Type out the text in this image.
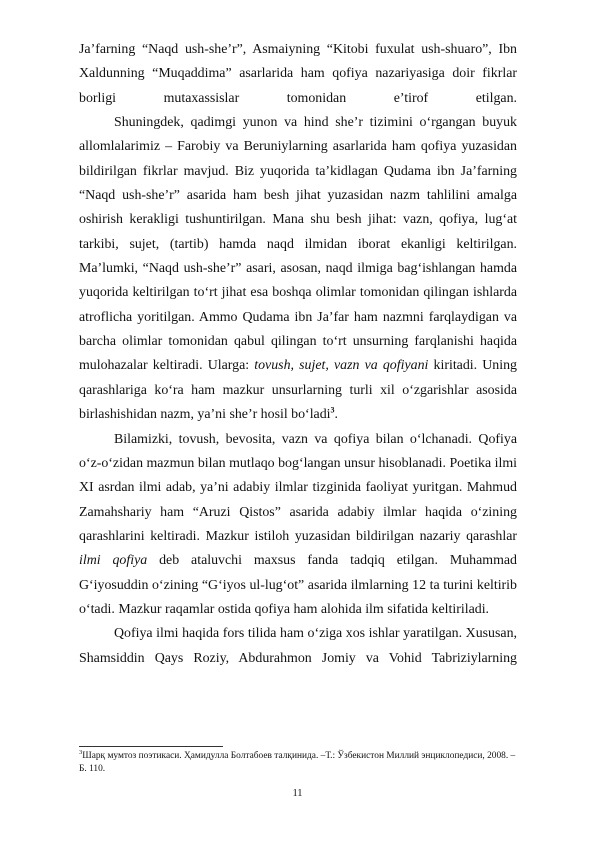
Ja’farning “Naqd ush-she’r”, Asmaiyning “Kitobi fuxulat ush-shuaro”, Ibn Xaldunning “Muqaddima” asarlarida ham qofiya nazariyasiga doir fikrlar borligi mutaxassislar tomonidan e’tirof etilgan.

Shuningdek, qadimgi yunon va hind she’r tizimini o‘rgangan buyuk allomlalarimiz – Farobiy va Beruniylarning asarlarida ham qofiya yuzasidan bildirilgan fikrlar mavjud. Biz yuqorida ta’kidlagan Qudama ibn Ja’farning “Naqd ush-she’r” asarida ham besh jihat yuzasidan nazm tahlilini amalga oshirish kerakligi tushuntirilgan. Mana shu besh jihat: vazn, qofiya, lug‘at tarkibi, sujet, (tartib) hamda naqd ilmidan iborat ekanligi keltirilgan. Ma’lumki, “Naqd ush-she’r” asari, asosan, naqd ilmiga bag‘ishlangan hamda yuqorida keltirilgan to‘rt jihat esa boshqa olimlar tomonidan qilingan ishlarda atroflicha yoritilgan. Ammo Qudama ibn Ja’far ham nazmni farqlaydigan va barcha olimlar tomonidan qabul qilingan to‘rt unsurning farqlanishi haqida mulohazalar keltiradi. Ularga: tovush, sujet, vazn va qofiyani kiritadi. Uning qarashlariga ko‘ra ham mazkur unsurlarning turli xil o‘zgarishlar asosida birlashishidan nazm, ya’ni she’r hosil bo‘ladi$^3$.

Bilamizki, tovush, bevosita, vazn va qofiya bilan o‘lchanadi. Qofiya o‘z-o‘zidan mazmun bilan mutlaqo bog‘langan unsur hisoblanadi. Poetika ilmi XI asrdan ilmi adab, ya’ni adabiy ilmlar tizginida faoliyat yuritgan. Mahmud Zamahshariy ham “Aruzi Qistos” asarida adabiy ilmlar haqida o‘zining qarashlarini keltiradi. Mazkur istiloh yuzasidan bildirilgan nazariy qarashlar ilmi qofiya deb ataluvchi maxsus fanda tadqiq etilgan. Muhammad G‘iyosuddin o‘zining “G‘iyos ul-lug‘ot” asarida ilmlarning 12 ta turini keltirib o‘tadi. Mazkur raqamlar ostida qofiya ham alohida ilm sifatida keltiriladi.

Qofiya ilmi haqida fors tilida ham o‘ziga xos ishlar yaratilgan. Xususan, Shamsiddin Qays Roziy, Abdurahmon Jomiy va Vohid Tabriziylarning

$^3$Шарқ мумтоз поэтикаси. Ҳамидулла Болтабоев талқинида. –Т.: Ўзбекистон Миллий энциклопедиси, 2008. – Б. 110.
11
